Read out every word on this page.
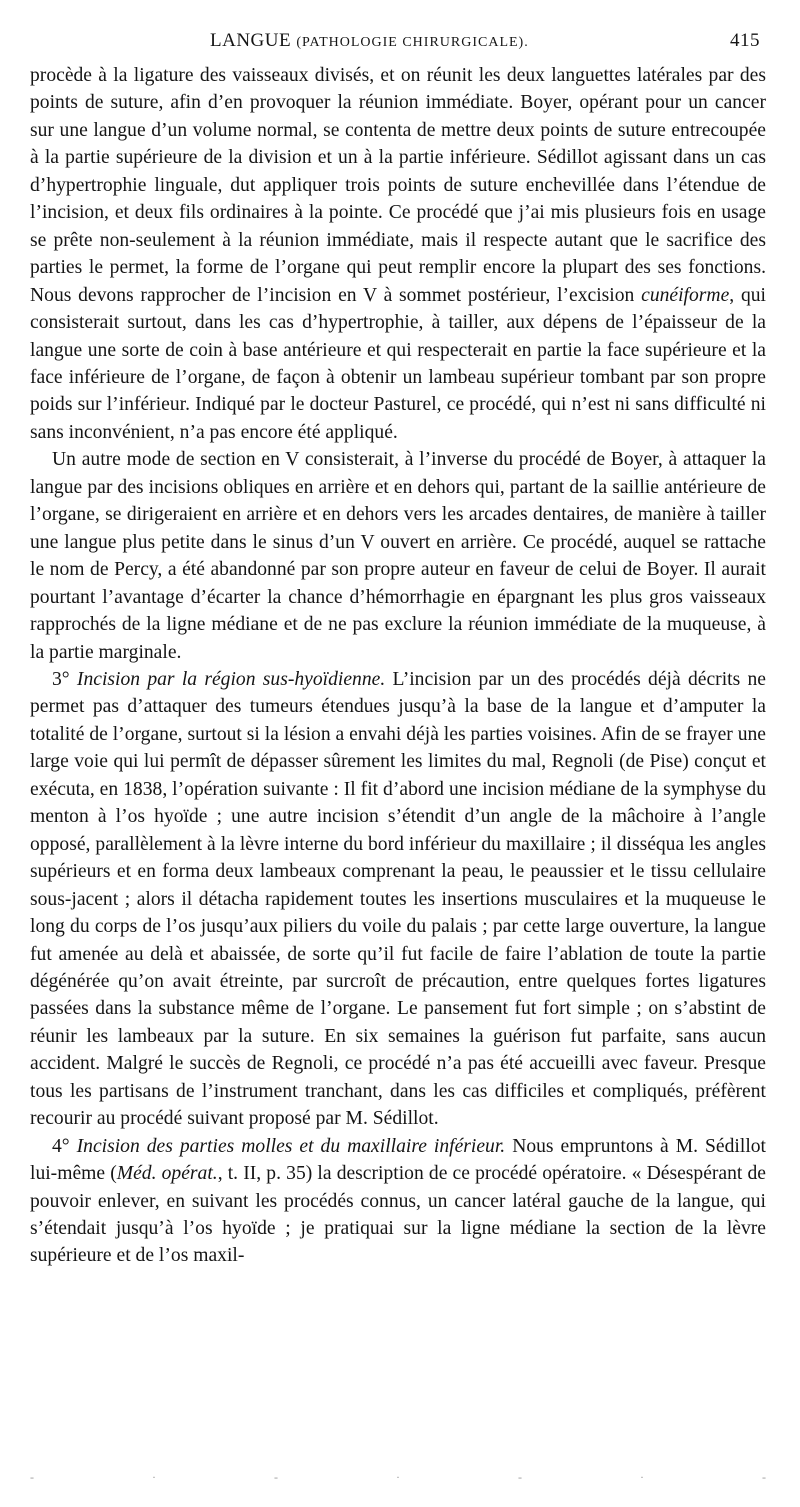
LANGUE (PATHOLOGIE CHIRURGICALE).	415

procède à la ligature des vaisseaux divisés, et on réunit les deux languettes latérales par des points de suture, afin d’en provoquer la réunion immédiate. Boyer, opérant pour un cancer sur une langue d’un volume normal, se contenta de mettre deux points de suture entrecoupée à la partie supérieure de la division et un à la partie inférieure. Sédillot agissant dans un cas d’hypertrophie linguale, dut appliquer trois points de suture enchevillée dans l’étendue de l’incision, et deux fils ordinaires à la pointe. Ce procédé que j’ai mis plusieurs fois en usage se prête non-seulement à la réunion immédiate, mais il respecte autant que le sacrifice des parties le permet, la forme de l’organe qui peut remplir encore la plupart des ses fonctions. Nous devons rapprocher de l’incision en V à sommet postérieur, l’excision cunéiforme, qui consisterait surtout, dans les cas d’hypertrophie, à tailler, aux dépens de l’épaisseur de la langue une sorte de coin à base antérieure et qui respecterait en partie la face supérieure et la face inférieure de l’organe, de façon à obtenir un lambeau supérieur tombant par son propre poids sur l’inférieur. Indiqué par le docteur Pasturel, ce procédé, qui n’est ni sans difficulté ni sans inconvénient, n’a pas encore été appliqué.

Un autre mode de section en V consisterait, à l’inverse du procédé de Boyer, à attaquer la langue par des incisions obliques en arrière et en dehors qui, partant de la saillie antérieure de l’organe, se dirigeraient en arrière et en dehors vers les arcades dentaires, de manière à tailler une langue plus petite dans le sinus d’un V ouvert en arrière. Ce procédé, auquel se rattache le nom de Percy, a été abandonné par son propre auteur en faveur de celui de Boyer. Il aurait pourtant l’avantage d’écarter la chance d’hémorrhagie en épargnant les plus gros vaisseaux rapprochés de la ligne médiane et de ne pas exclure la réunion immédiate de la muqueuse, à la partie marginale.

3° Incision par la région sus-hyoïdienne. L’incision par un des procédés déjà décrits ne permet pas d’attaquer des tumeurs étendues jusqu’à la base de la langue et d’amputer la totalité de l’organe, surtout si la lésion a envahi déjà les parties voisines. Afin de se frayer une large voie qui lui permît de dépasser sûrement les limites du mal, Regnoli (de Pise) conçut et exécuta, en 1838, l’opération suivante : Il fit d’abord une incision médiane de la symphyse du menton à l’os hyoïde ; une autre incision s’étendit d’un angle de la mâchoire à l’angle opposé, parallèlement à la lèvre interne du bord inférieur du maxillaire ; il disséqua les angles supérieurs et en forma deux lambeaux comprenant la peau, le peaussier et le tissu cellulaire sous-jacent ; alors il détacha rapidement toutes les insertions musculaires et la muqueuse le long du corps de l’os jusqu’aux piliers du voile du palais ; par cette large ouverture, la langue fut amenée au delà et abaissée, de sorte qu’il fut facile de faire l’ablation de toute la partie dégénérée qu’on avait étreinte, par surcroît de précaution, entre quelques fortes ligatures passées dans la substance même de l’organe. Le pansement fut fort simple ; on s’abstint de réunir les lambeaux par la suture. En six semaines la guérison fut parfaite, sans aucun accident. Malgré le succès de Regnoli, ce procédé n’a pas été accueilli avec faveur. Presque tous les partisans de l’instrument tranchant, dans les cas difficiles et compliqués, préfèrent recourir au procédé suivant proposé par M. Sédillot.

4° Incision des parties molles et du maxillaire inférieur. Nous empruntons à M. Sédillot lui-même (Méd. opérat., t. II, p. 35) la description de ce procédé opératoire. « Désespérant de pouvoir enlever, en suivant les procédés connus, un cancer latéral gauche de la langue, qui s’étendait jusqu’à l’os hyoïde ; je pratiquai sur la ligne médiane la section de la lèvre supérieure et de l’os maxil-

-	·	-	·	-	·	-
